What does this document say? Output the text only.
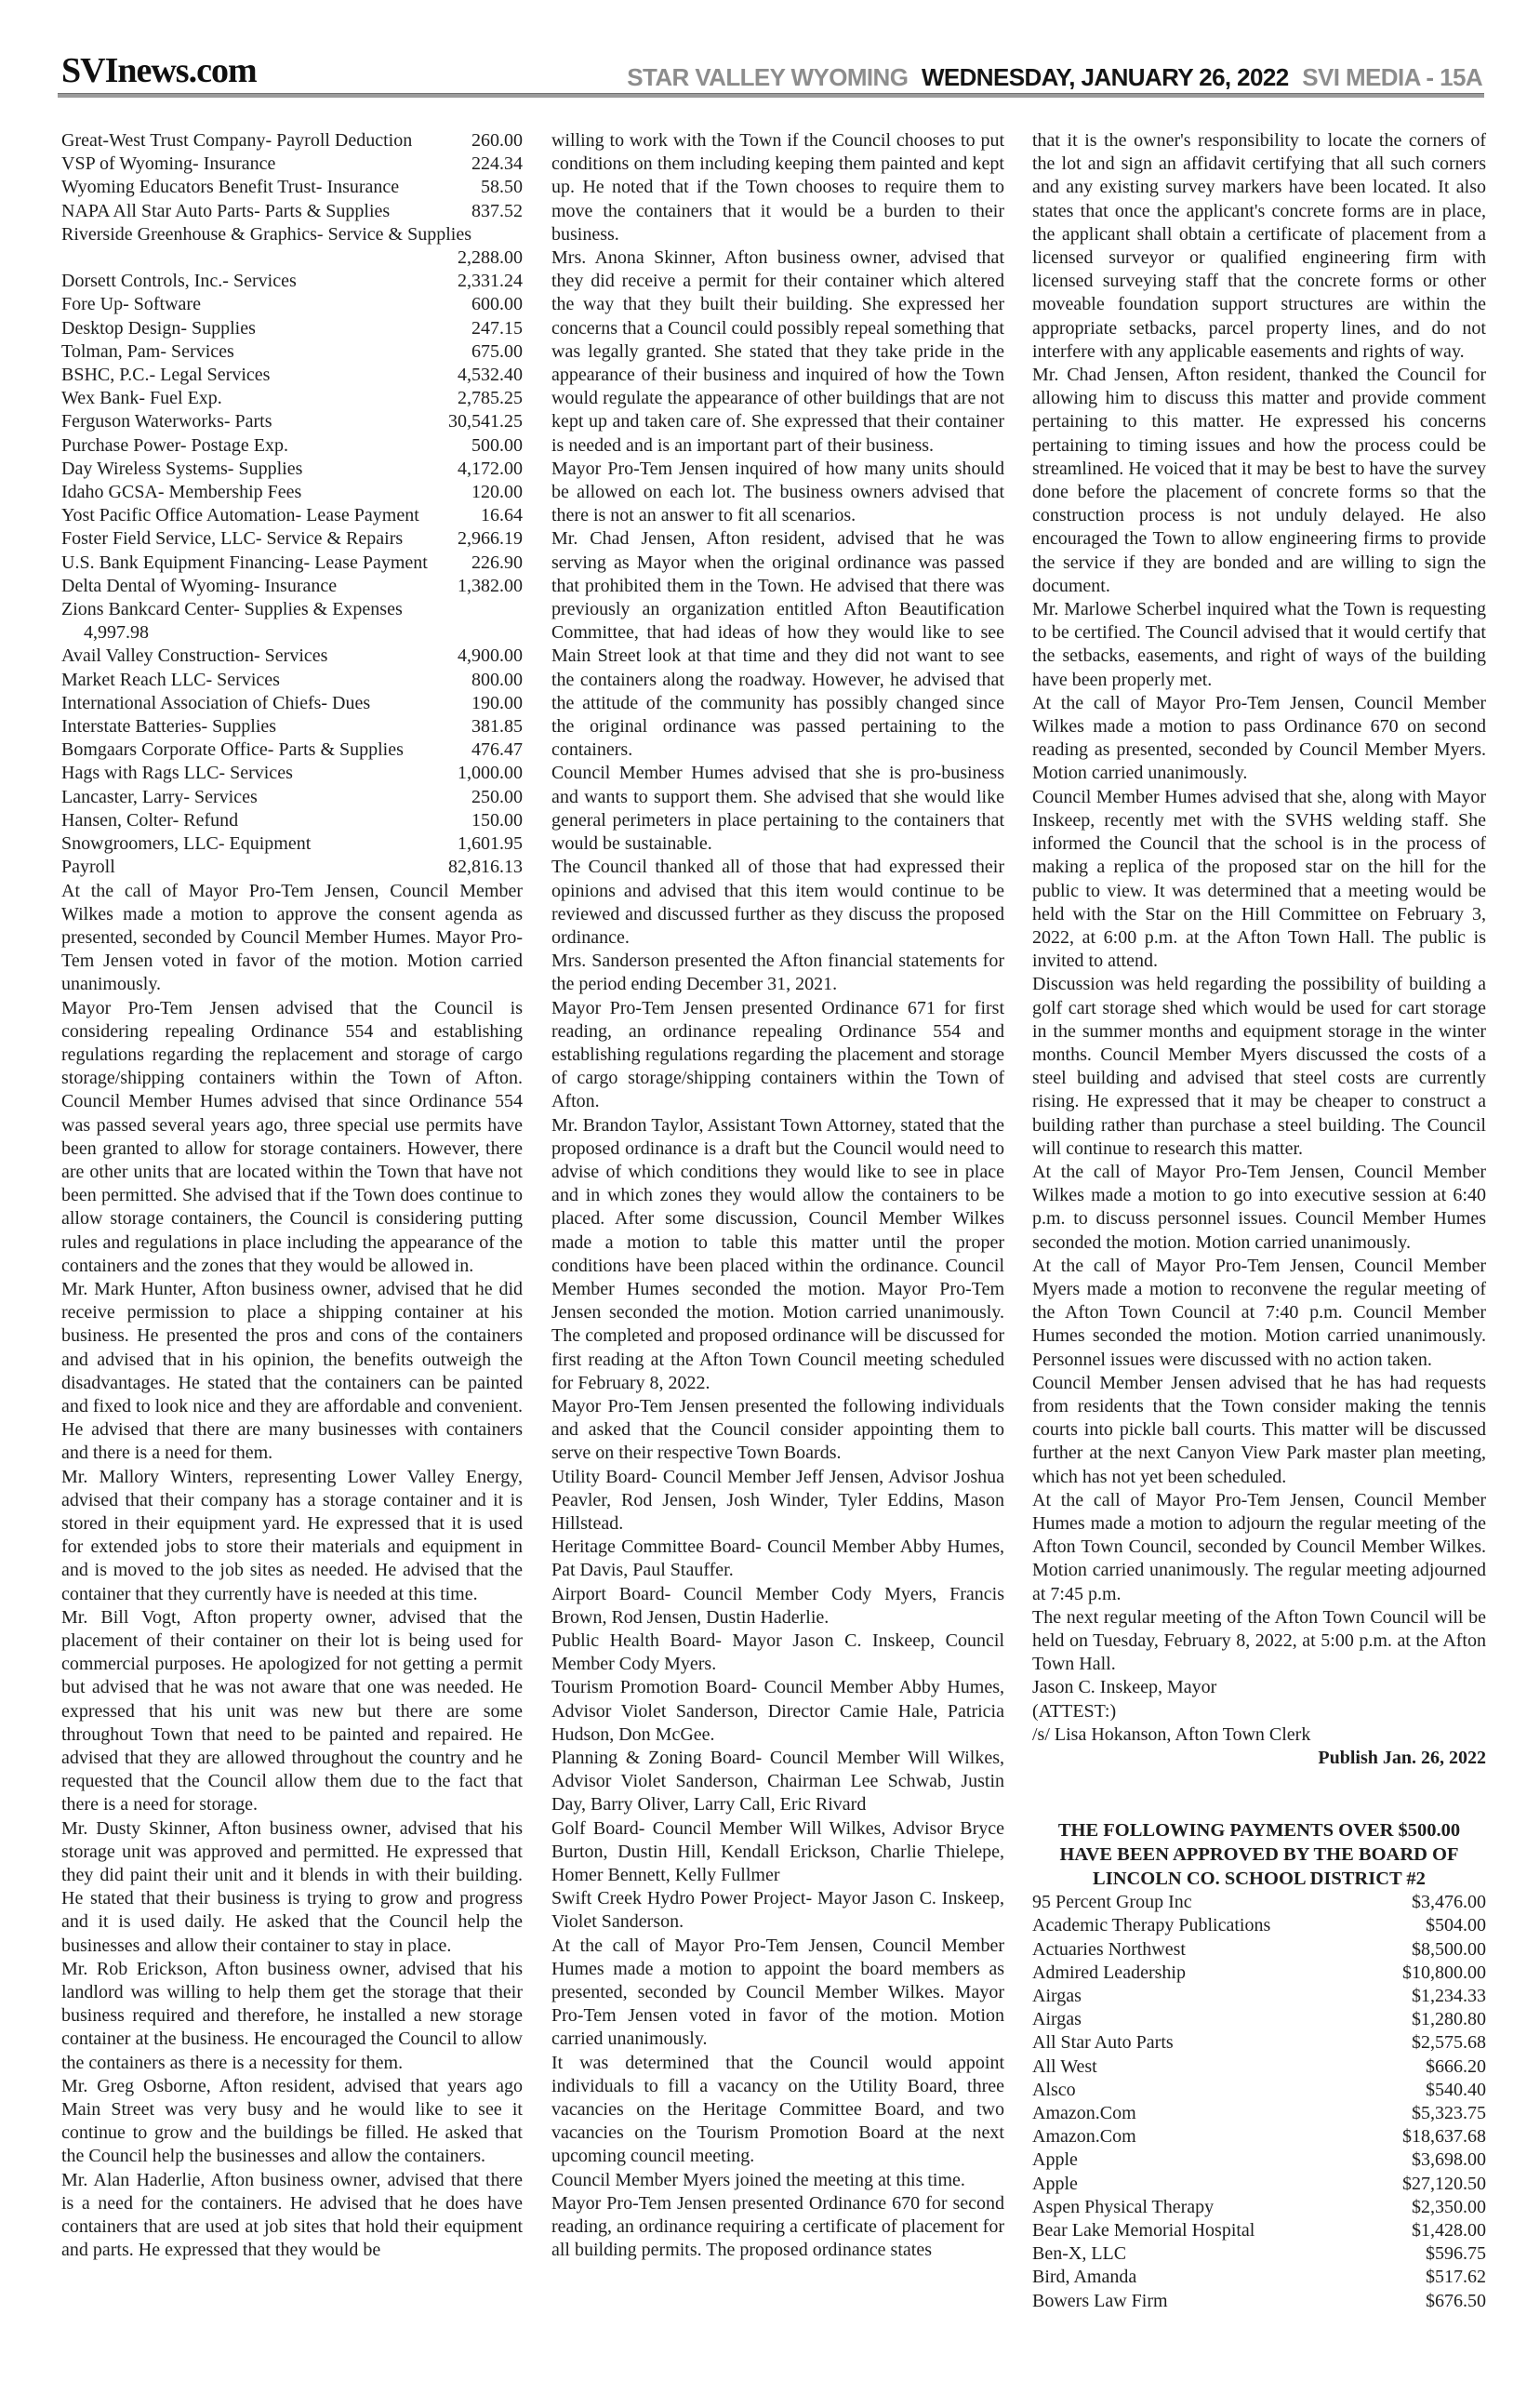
SVInews.com	STAR VALLEY WYOMING WEDNESDAY, JANUARY 26, 2022 SVI MEDIA - 15A
Great-West Trust Company- Payroll Deduction	260.00
VSP of Wyoming- Insurance	224.34
Wyoming Educators Benefit Trust- Insurance	58.50
NAPA All Star Auto Parts- Parts & Supplies	837.52
Riverside Greenhouse & Graphics- Service & Supplies
2,288.00
Dorsett Controls, Inc.- Services	2,331.24
Fore Up- Software	600.00
Desktop Design- Supplies	247.15
Tolman, Pam- Services	675.00
BSHC, P.C.- Legal Services	4,532.40
Wex Bank- Fuel Exp.	2,785.25
Ferguson Waterworks- Parts	30,541.25
Purchase Power- Postage Exp.	500.00
Day Wireless Systems- Supplies	4,172.00
Idaho GCSA- Membership Fees	120.00
Yost Pacific Office Automation- Lease Payment	16.64
Foster Field Service, LLC- Service & Repairs	2,966.19
U.S. Bank Equipment Financing- Lease Payment	226.90
Delta Dental of Wyoming- Insurance	1,382.00
Zions Bankcard Center- Supplies & Expenses
4,997.98
Avail Valley Construction- Services	4,900.00
Market Reach LLC- Services	800.00
International Association of Chiefs- Dues	190.00
Interstate Batteries- Supplies	381.85
Bomgaars Corporate Office- Parts & Supplies	476.47
Hags with Rags LLC- Services	1,000.00
Lancaster, Larry- Services	250.00
Hansen, Colter- Refund	150.00
Snowgroomers, LLC- Equipment	1,601.95
Payroll	82,816.13

At the call of Mayor Pro-Tem Jensen, Council Member Wilkes made a motion to approve the consent agenda as presented, seconded by Council Member Humes. Mayor Pro-Tem Jensen voted in favor of the motion. Motion carried unanimously.

Mayor Pro-Tem Jensen advised that the Council is considering repealing Ordinance 554 and establishing regulations regarding the replacement and storage of cargo storage/shipping containers within the Town of Afton. Council Member Humes advised that since Ordinance 554 was passed several years ago, three special use permits have been granted to allow for storage containers. However, there are other units that are located within the Town that have not been permitted. She advised that if the Town does continue to allow storage containers, the Council is considering putting rules and regulations in place including the appearance of the containers and the zones that they would be allowed in.

Mr. Mark Hunter, Afton business owner, advised that he did receive permission to place a shipping container at his business. He presented the pros and cons of the containers and advised that in his opinion, the benefits outweigh the disadvantages. He stated that the containers can be painted and fixed to look nice and they are affordable and convenient. He advised that there are many businesses with containers and there is a need for them.

Mr. Mallory Winters, representing Lower Valley Energy, advised that their company has a storage container and it is stored in their equipment yard. He expressed that it is used for extended jobs to store their materials and equipment in and is moved to the job sites as needed. He advised that the container that they currently have is needed at this time.

Mr. Bill Vogt, Afton property owner, advised that the placement of their container on their lot is being used for commercial purposes. He apologized for not getting a permit but advised that he was not aware that one was needed. He expressed that his unit was new but there are some throughout Town that need to be painted and repaired. He advised that they are allowed throughout the country and he requested that the Council allow them due to the fact that there is a need for storage.

Mr. Dusty Skinner, Afton business owner, advised that his storage unit was approved and permitted. He expressed that they did paint their unit and it blends in with their building. He stated that their business is trying to grow and progress and it is used daily. He asked that the Council help the businesses and allow their container to stay in place.

Mr. Rob Erickson, Afton business owner, advised that his landlord was willing to help them get the storage that their business required and therefore, he installed a new storage container at the business. He encouraged the Council to allow the containers as there is a necessity for them.

Mr. Greg Osborne, Afton resident, advised that years ago Main Street was very busy and he would like to see it continue to grow and the buildings be filled. He asked that the Council help the businesses and allow the containers.

Mr. Alan Haderlie, Afton business owner, advised that there is a need for the containers. He advised that he does have containers that are used at job sites that hold their equipment and parts. He expressed that they would be

willing to work with the Town if the Council chooses to put conditions on them including keeping them painted and kept up. He noted that if the Town chooses to require them to move the containers that it would be a burden to their business.

Mrs. Anona Skinner, Afton business owner, advised that they did receive a permit for their container which altered the way that they built their building. She expressed her concerns that a Council could possibly repeal something that was legally granted. She stated that they take pride in the appearance of their business and inquired of how the Town would regulate the appearance of other buildings that are not kept up and taken care of. She expressed that their container is needed and is an important part of their business.

Mayor Pro-Tem Jensen inquired of how many units should be allowed on each lot. The business owners advised that there is not an answer to fit all scenarios.

Mr. Chad Jensen, Afton resident, advised that he was serving as Mayor when the original ordinance was passed that prohibited them in the Town. He advised that there was previously an organization entitled Afton Beautification Committee, that had ideas of how they would like to see Main Street look at that time and they did not want to see the containers along the roadway. However, he advised that the attitude of the community has possibly changed since the original ordinance was passed pertaining to the containers.

Council Member Humes advised that she is pro-business and wants to support them. She advised that she would like general perimeters in place pertaining to the containers that would be sustainable.

The Council thanked all of those that had expressed their opinions and advised that this item would continue to be reviewed and discussed further as they discuss the proposed ordinance.

Mrs. Sanderson presented the Afton financial statements for the period ending December 31, 2021.

Mayor Pro-Tem Jensen presented Ordinance 671 for first reading, an ordinance repealing Ordinance 554 and establishing regulations regarding the placement and storage of cargo storage/shipping containers within the Town of Afton.

Mr. Brandon Taylor, Assistant Town Attorney, stated that the proposed ordinance is a draft but the Council would need to advise of which conditions they would like to see in place and in which zones they would allow the containers to be placed. After some discussion, Council Member Wilkes made a motion to table this matter until the proper conditions have been placed within the ordinance. Council Member Humes seconded the motion. Mayor Pro-Tem Jensen seconded the motion. Motion carried unanimously. The completed and proposed ordinance will be discussed for first reading at the Afton Town Council meeting scheduled for February 8, 2022.

Mayor Pro-Tem Jensen presented the following individuals and asked that the Council consider appointing them to serve on their respective Town Boards.

Utility Board- Council Member Jeff Jensen, Advisor Joshua Peavler, Rod Jensen, Josh Winder, Tyler Eddins, Mason Hillstead.

Heritage Committee Board- Council Member Abby Humes, Pat Davis, Paul Stauffer.

Airport Board- Council Member Cody Myers, Francis Brown, Rod Jensen, Dustin Haderlie.

Public Health Board- Mayor Jason C. Inskeep, Council Member Cody Myers.

Tourism Promotion Board- Council Member Abby Humes, Advisor Violet Sanderson, Director Camie Hale, Patricia Hudson, Don McGee.

Planning & Zoning Board- Council Member Will Wilkes, Advisor Violet Sanderson, Chairman Lee Schwab, Justin Day, Barry Oliver, Larry Call, Eric Rivard

Golf Board- Council Member Will Wilkes, Advisor Bryce Burton, Dustin Hill, Kendall Erickson, Charlie Thielepe, Homer Bennett, Kelly Fullmer

Swift Creek Hydro Power Project- Mayor Jason C. Inskeep, Violet Sanderson.

At the call of Mayor Pro-Tem Jensen, Council Member Humes made a motion to appoint the board members as presented, seconded by Council Member Wilkes. Mayor Pro-Tem Jensen voted in favor of the motion. Motion carried unanimously.

It was determined that the Council would appoint individuals to fill a vacancy on the Utility Board, three vacancies on the Heritage Committee Board, and two vacancies on the Tourism Promotion Board at the next upcoming council meeting.

Council Member Myers joined the meeting at this time.

Mayor Pro-Tem Jensen presented Ordinance 670 for second reading, an ordinance requiring a certificate of placement for all building permits. The proposed ordinance states

that it is the owner's responsibility to locate the corners of the lot and sign an affidavit certifying that all such corners and any existing survey markers have been located. It also states that once the applicant's concrete forms are in place, the applicant shall obtain a certificate of placement from a licensed surveyor or qualified engineering firm with licensed surveying staff that the concrete forms or other moveable foundation support structures are within the appropriate setbacks, parcel property lines, and do not interfere with any applicable easements and rights of way.

Mr. Chad Jensen, Afton resident, thanked the Council for allowing him to discuss this matter and provide comment pertaining to this matter. He expressed his concerns pertaining to timing issues and how the process could be streamlined. He voiced that it may be best to have the survey done before the placement of concrete forms so that the construction process is not unduly delayed. He also encouraged the Town to allow engineering firms to provide the service if they are bonded and are willing to sign the document.

Mr. Marlowe Scherbel inquired what the Town is requesting to be certified. The Council advised that it would certify that the setbacks, easements, and right of ways of the building have been properly met.

At the call of Mayor Pro-Tem Jensen, Council Member Wilkes made a motion to pass Ordinance 670 on second reading as presented, seconded by Council Member Myers. Motion carried unanimously.

Council Member Humes advised that she, along with Mayor Inskeep, recently met with the SVHS welding staff. She informed the Council that the school is in the process of making a replica of the proposed star on the hill for the public to view. It was determined that a meeting would be held with the Star on the Hill Committee on February 3, 2022, at 6:00 p.m. at the Afton Town Hall. The public is invited to attend.

Discussion was held regarding the possibility of building a golf cart storage shed which would be used for cart storage in the summer months and equipment storage in the winter months. Council Member Myers discussed the costs of a steel building and advised that steel costs are currently rising. He expressed that it may be cheaper to construct a building rather than purchase a steel building. The Council will continue to research this matter.

At the call of Mayor Pro-Tem Jensen, Council Member Wilkes made a motion to go into executive session at 6:40 p.m. to discuss personnel issues. Council Member Humes seconded the motion. Motion carried unanimously.

At the call of Mayor Pro-Tem Jensen, Council Member Myers made a motion to reconvene the regular meeting of the Afton Town Council at 7:40 p.m. Council Member Humes seconded the motion. Motion carried unanimously. Personnel issues were discussed with no action taken.

Council Member Jensen advised that he has had requests from residents that the Town consider making the tennis courts into pickle ball courts. This matter will be discussed further at the next Canyon View Park master plan meeting, which has not yet been scheduled.

At the call of Mayor Pro-Tem Jensen, Council Member Humes made a motion to adjourn the regular meeting of the Afton Town Council, seconded by Council Member Wilkes. Motion carried unanimously. The regular meeting adjourned at 7:45 p.m.

The next regular meeting of the Afton Town Council will be held on Tuesday, February 8, 2022, at 5:00 p.m. at the Afton Town Hall.

Jason C. Inskeep, Mayor

(ATTEST:)

/s/ Lisa Hokanson, Afton Town Clerk

Publish Jan. 26, 2022

THE FOLLOWING PAYMENTS OVER $500.00 HAVE BEEN APPROVED BY THE BOARD OF LINCOLN CO. SCHOOL DISTRICT #2

95 Percent Group Inc	$3,476.00
Academic Therapy Publications	$504.00
Actuaries Northwest	$8,500.00
Admired Leadership	$10,800.00
Airgas	$1,234.33
Airgas	$1,280.80
All Star Auto Parts	$2,575.68
All West	$666.20
Alsco	$540.40
Amazon.Com	$5,323.75
Amazon.Com	$18,637.68
Apple	$3,698.00
Apple	$27,120.50
Aspen Physical Therapy	$2,350.00
Bear Lake Memorial Hospital	$1,428.00
Ben-X, LLC	$596.75
Bird, Amanda	$517.62
Bowers Law Firm	$676.50
